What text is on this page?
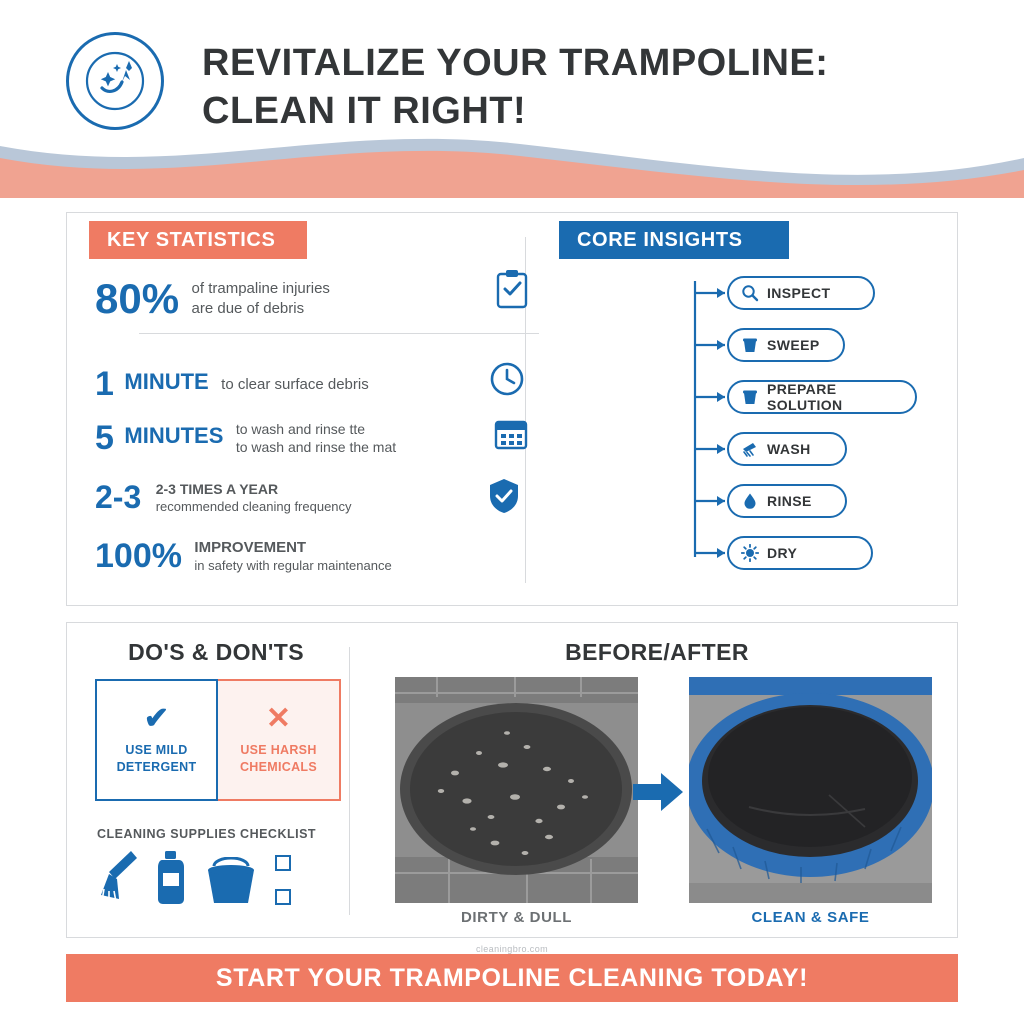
REVITALIZE YOUR TRAMPOLINE:
CLEAN IT RIGHT!
KEY STATISTICS	CORE INSIGHTS
80% of trampaline injuries
are due of debris
1 MINUTE to clear surface debris
5 MINUTES to wash and rinse tte
to wash and rinse the mat
2-3 2-3 TIMES A YEAR
recommended cleaning frequency
100% IMPROVEMENT
in safety with regular maintenance
INSPECT
SWEEP
PREPARE SOLUTION
WASH
RINSE
DRY
DO'S & DON'TS
✔
USE MILD
DETERGENT
✕
USE HARSH
CHEMICALS
CLEANING SUPPLIES CHECKLIST
BEFORE/AFTER
DIRTY & DULL	CLEAN & SAFE
cleaningbro.com
START YOUR TRAMPOLINE CLEANING TODAY!
